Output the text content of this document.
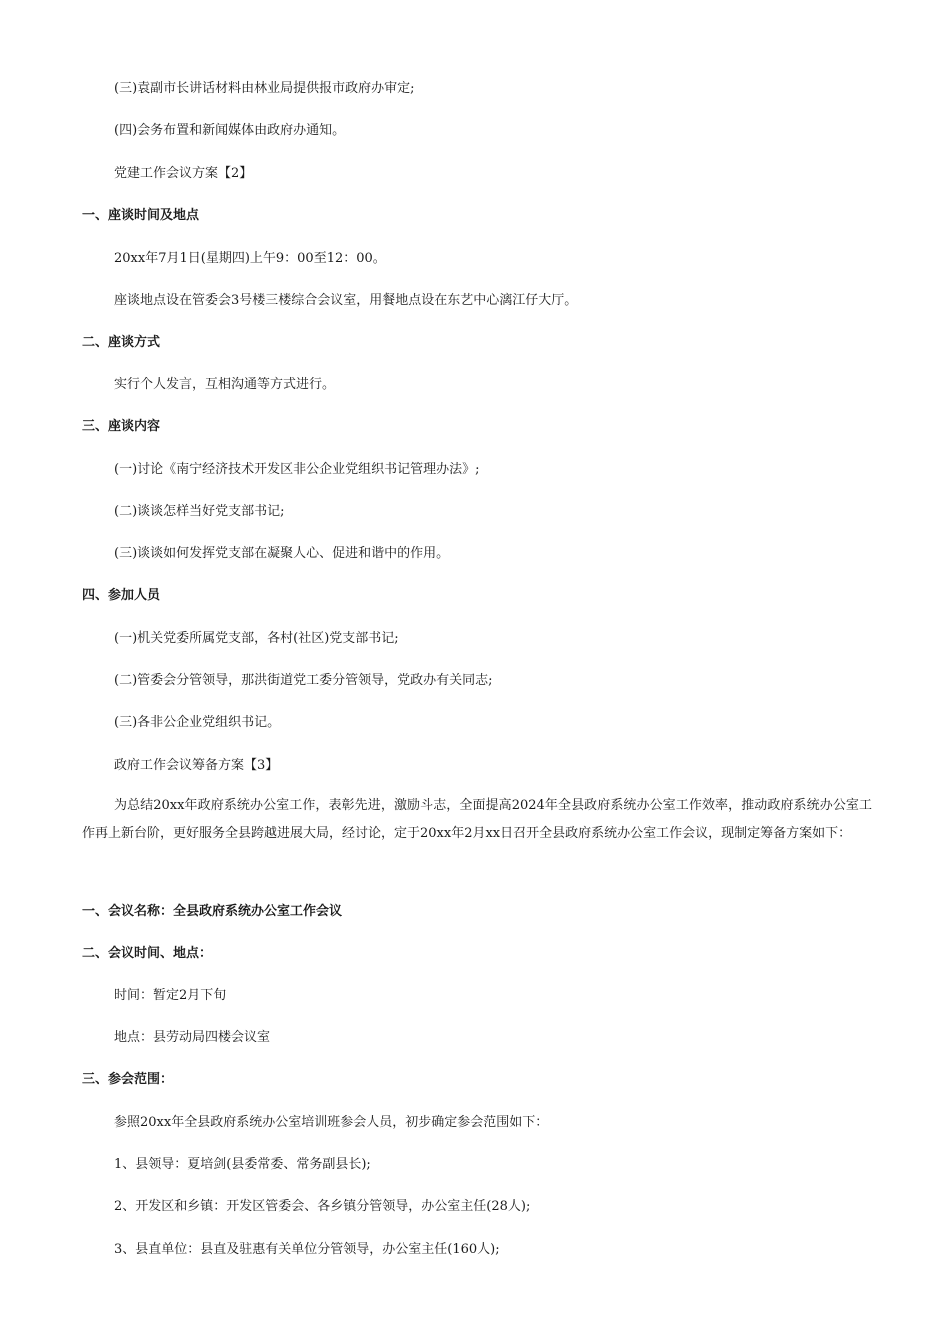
(三)袁副市长讲话材料由林业局提供报市政府办审定;
(四)会务布置和新闻媒体由政府办通知。
党建工作会议方案【2】
一、座谈时间及地点
20xx年7月1日(星期四)上午9：00至12：00。
座谈地点设在管委会3号楼三楼综合会议室，用餐地点设在东艺中心漓江仔大厅。
二、座谈方式
实行个人发言，互相沟通等方式进行。
三、座谈内容
(一)讨论《南宁经济技术开发区非公企业党组织书记管理办法》;
(二)谈谈怎样当好党支部书记;
(三)谈谈如何发挥党支部在凝聚人心、促进和谐中的作用。
四、参加人员
(一)机关党委所属党支部，各村(社区)党支部书记;
(二)管委会分管领导，那洪街道党工委分管领导，党政办有关同志;
(三)各非公企业党组织书记。
政府工作会议筹备方案【3】
为总结20xx年政府系统办公室工作，表彰先进，激励斗志，全面提高2024年全县政府系统办公室工作效率，推动政府系统办公室工作再上新台阶，更好服务全县跨越进展大局，经讨论，定于20xx年2月xx日召开全县政府系统办公室工作会议，现制定筹备方案如下：
一、会议名称：全县政府系统办公室工作会议
二、会议时间、地点：
时间：暂定2月下旬
地点：县劳动局四楼会议室
三、参会范围：
参照20xx年全县政府系统办公室培训班参会人员，初步确定参会范围如下：
1、县领导：夏培剑(县委常委、常务副县长);
2、开发区和乡镇：开发区管委会、各乡镇分管领导，办公室主任(28人);
3、县直单位：县直及驻惠有关单位分管领导，办公室主任(160人);
